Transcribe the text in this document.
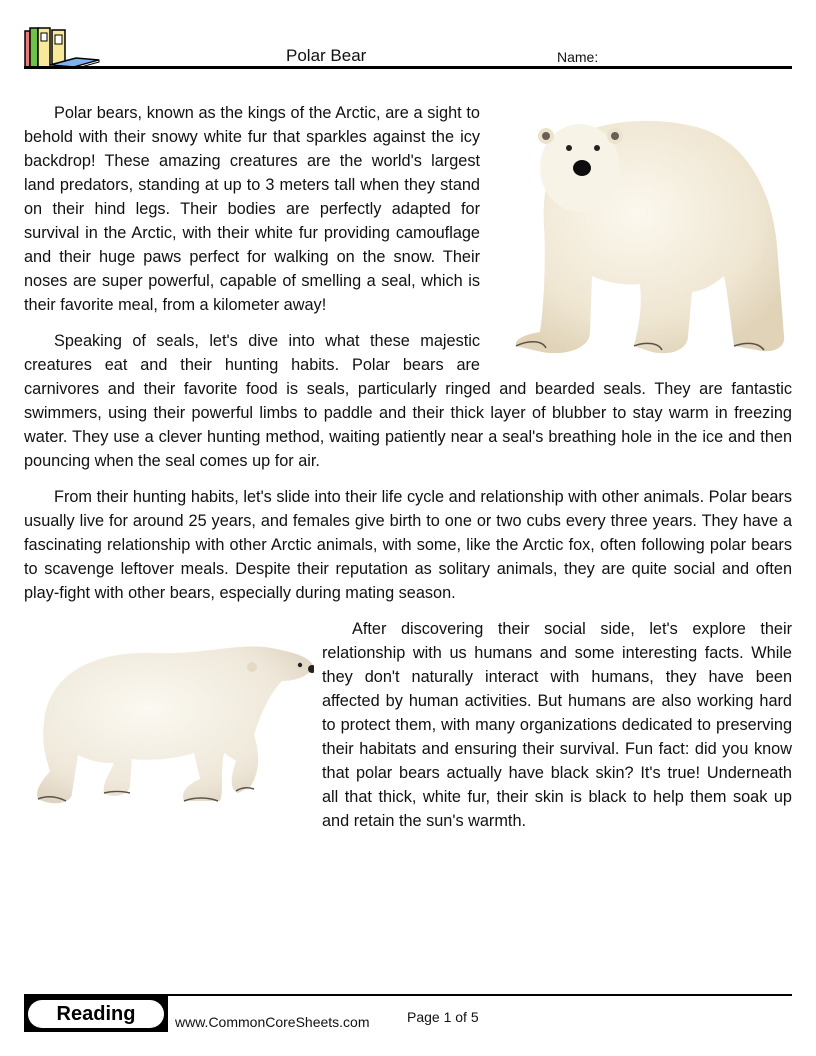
Polar Bear	Name:
Polar bears, known as the kings of the Arctic, are a sight to behold with their snowy white fur that sparkles against the icy backdrop! These amazing creatures are the world's largest land predators, standing at up to 3 meters tall when they stand on their hind legs. Their bodies are perfectly adapted for survival in the Arctic, with their white fur providing camouflage and their huge paws perfect for walking on the snow. Their noses are super powerful, capable of smelling a seal, which is their favorite meal, from a kilometer away!
Speaking of seals, let's dive into what these majestic creatures eat and their hunting habits. Polar bears are carnivores and their favorite food is seals, particularly ringed and bearded seals. They are fantastic swimmers, using their powerful limbs to paddle and their thick layer of blubber to stay warm in freezing water. They use a clever hunting method, waiting patiently near a seal's breathing hole in the ice and then pouncing when the seal comes up for air.
From their hunting habits, let's slide into their life cycle and relationship with other animals. Polar bears usually live for around 25 years, and females give birth to one or two cubs every three years. They have a fascinating relationship with other Arctic animals, with some, like the Arctic fox, often following polar bears to scavenge leftover meals. Despite their reputation as solitary animals, they are quite social and often play-fight with other bears, especially during mating season.
After discovering their social side, let's explore their relationship with us humans and some interesting facts. While they don't naturally interact with humans, they have been affected by human activities. But humans are also working hard to protect them, with many organizations dedicated to preserving their habitats and ensuring their survival. Fun fact: did you know that polar bears actually have black skin? It's true! Underneath all that thick, white fur, their skin is black to help them soak up and retain the sun's warmth.
Reading	www.CommonCoreSheets.com	Page 1 of 5
